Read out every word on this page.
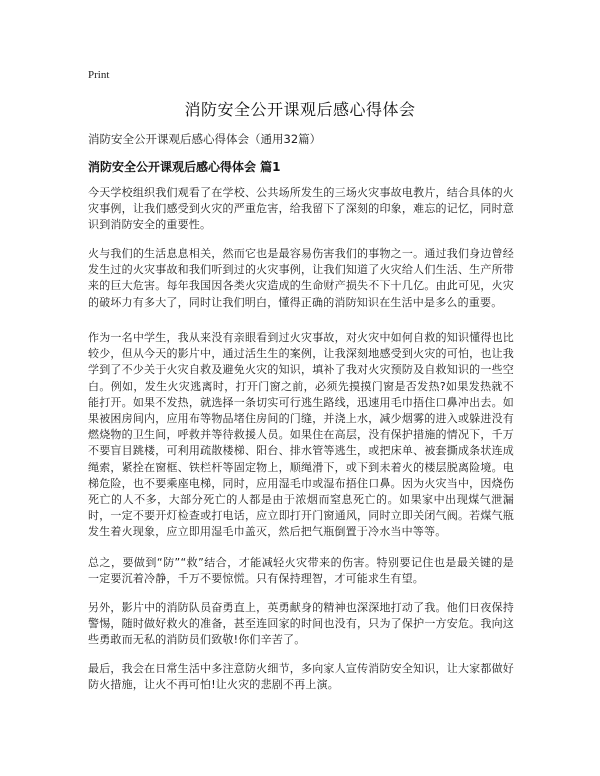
Print
消防安全公开课观后感心得体会
消防安全公开课观后感心得体会（通用32篇）
消防安全公开课观后感心得体会 篇1

今天学校组织我们观看了在学校、公共场所发生的三场火灾事故电教片，结合具体的火灾事例，让我们感受到火灾的严重危害，给我留下了深刻的印象，难忘的记忆，同时意识到消防安全的重要性。

火与我们的生活息息相关，然而它也是最容易伤害我们的事物之一。通过我们身边曾经发生过的火灾事故和我们听到过的火灾事例，让我们知道了火灾给人们生活、生产所带来的巨大危害。每年我国因各类火灾造成的生命财产损失不下十几亿。由此可见，火灾的破坏力有多大了，同时让我们明白，懂得正确的消防知识在生活中是多么的重要。

作为一名中学生，我从来没有亲眼看到过火灾事故，对火灾中如何自救的知识懂得也比较少，但从今天的影片中，通过活生生的案例，让我深刻地感受到火灾的可怕，也让我学到了不少关于火灾自救及避免火灾的知识，填补了我对火灾预防及自救知识的一些空白。例如，发生火灾逃离时，打开门窗之前，必须先摸摸门窗是否发热?如果发热就不能打开。如果不发热，就选择一条切实可行逃生路线，迅速用毛巾捂住口鼻冲出去。如果被困房间内，应用布等物品堵住房间的门缝，并浇上水，减少烟雾的进入或躲进没有燃烧物的卫生间，呼救并等待救援人员。如果住在高层，没有保护措施的情况下，千万不要盲目跳楼，可利用疏散楼梯、阳台、排水管等逃生，或把床单、被套撕成条状连成绳索，紧拴在窗框、铁栏杆等固定物上，顺绳滑下，或下到未着火的楼层脱离险境。电梯危险，也不要乘座电梯，同时，应用湿毛巾或湿布捂住口鼻。因为火灾当中，因烧伤死亡的人不多，大部分死亡的人都是由于浓烟而窒息死亡的。如果家中出现煤气泄漏时，一定不要开灯检查或打电话，应立即打开门窗通风，同时立即关闭气阀。若煤气瓶发生着火现象，应立即用湿毛巾盖灭，然后把气瓶倒置于冷水当中等等。

总之，要做到“防”“救”结合，才能减轻火灾带来的伤害。特别要记住也是最关键的是一定要沉着冷静，千万不要惊慌。只有保持理智，才可能求生有望。

另外，影片中的消防队员奋勇直上，英勇献身的精神也深深地打动了我。他们日夜保持警惕，随时做好救火的准备，甚至连回家的时间也没有，只为了保护一方安危。我向这些勇敢而无私的消防员们致敬!你们辛苦了。

最后，我会在日常生活中多注意防火细节，多向家人宣传消防安全知识，让大家都做好防火措施，让火不再可怕!让火灾的悲剧不再上演。
